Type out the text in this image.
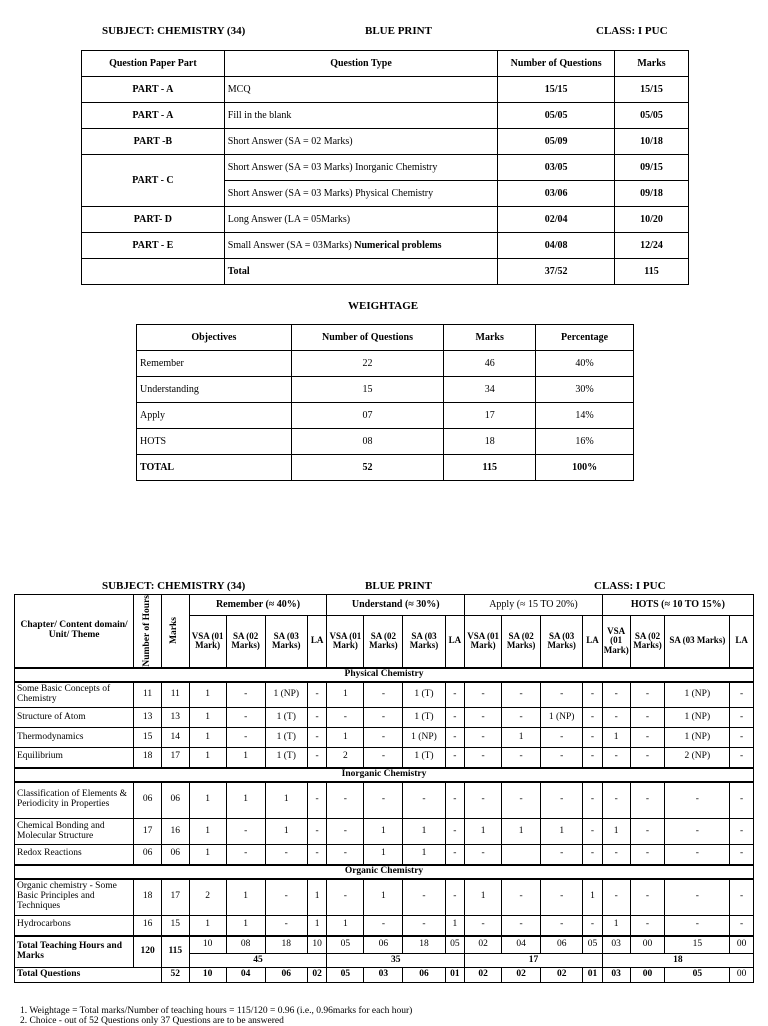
SUBJECT: CHEMISTRY (34)	BLUE PRINT	CLASS: I PUC
Question Paper Part	Question Type	Number of Questions	Marks
PART - A	MCQ	15/15	15/15
PART - A	Fill in the blank	05/05	05/05
PART -B	Short Answer (SA = 02 Marks)	05/09	10/18
PART - C	Short Answer (SA = 03 Marks) Inorganic Chemistry	03/05	09/15
	Short Answer (SA = 03 Marks) Physical Chemistry	03/06	09/18
PART- D	Long Answer (LA = 05Marks)	02/04	10/20
PART - E	Small Answer (SA = 03Marks) Numerical problems	04/08	12/24
	Total	37/52	115
WEIGHTAGE
Objectives	Number of Questions	Marks	Percentage
Remember	22	46	40%
Understanding	15	34	30%
Apply	07	17	14%
HOTS	08	18	16%
TOTAL	52	115	100%
SUBJECT: CHEMISTRY (34)	BLUE PRINT	CLASS: I PUC
Chapter/ Content domain/ Unit/ Theme	Number of Hours	Marks	Remember (≈ 40%)				Understand (≈ 30%)				Apply (≈ 15 TO 20%)				HOTS (≈ 10 TO 15%)			
			VSA (01 Mark)	SA (02 Marks)	SA (03 Marks)	LA	VSA (01 Mark)	SA (02 Marks)	SA (03 Marks)	LA	VSA (01 Mark)	SA (02 Marks)	SA (03 Marks)	LA	VSA (01 Mark)	SA (02 Marks)	SA (03 Marks)	LA
Physical Chemistry																		
Some Basic Concepts of Chemistry	11	11	1	-	1 (NP)	-	1	-	1 (T)	-	-	-	-	-	-	-	1 (NP)	-
Structure of Atom	13	13	1	-	1 (T)	-	-	-	1 (T)	-	-	-	1 (NP)	-	-	-	1 (NP)	-
Thermodynamics	15	14	1	-	1 (T)	-	1	-	1 (NP)	-	-	1	-	-	1	-	1 (NP)	-
Equilibrium	18	17	1	1	1 (T)	-	2	-	1 (T)	-	-	-	-	-	-	-	2 (NP)	-
Inorganic Chemistry																		
Classification of Elements & Periodicity in Properties	06	06	1	1	1	-	-	-	-	-	-	-	-	-	-	-	-	-
Chemical Bonding and Molecular Structure	17	16	1	-	1	-	-	1	1	-	1	1	1	-	1	-	-	-
Redox Reactions	06	06	1	-	-	-	-	1	1	-	-		-	-	-	-	-	-
Organic Chemistry																		
Organic chemistry - Some Basic Principles and Techniques	18	17	2	1	-	1	-	1	-	-	1	-	-	1	-	-	-	-
Hydrocarbons	16	15	1	1	-	1	1	-	-	1	-	-	-	-	1	-	-	-
Total Teaching Hours and Marks	120	115	10	08	18	10	05	06	18	05	02	04	06	05	03	00	15	00
			45				35				17				18			
Total Questions		52	10	04	06	02	05	03	06	01	02	02	02	01	03	00	05	00
1. Weightage = Total marks/Number of teaching hours = 115/120 = 0.96 (i.e., 0.96marks for each hour)
2. Choice - out of 52 Questions only 37 Questions are to be answered
